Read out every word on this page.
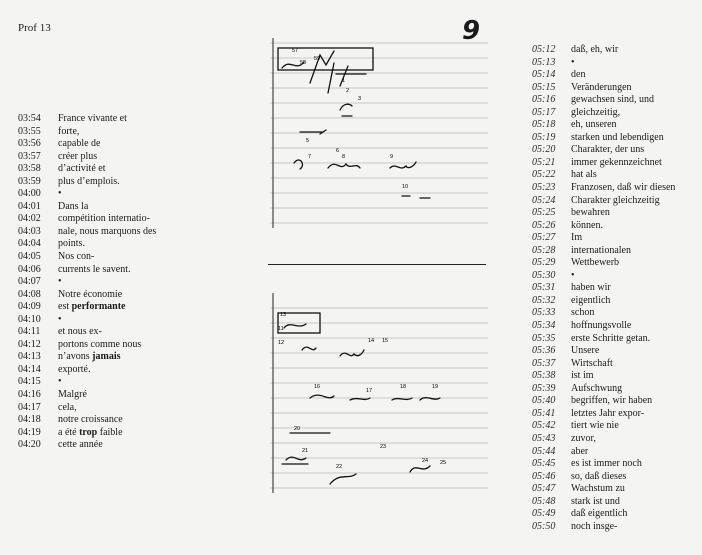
Prof 13	9
03:54	France vivante et
03:55	forte,
03:56	capable de
03:57	créer plus
03:58	d’activité et
03:59	plus d’emplois.
04:00	•
04:01	Dans la
04:02	compétition internatio-
04:03	nale, nous marquons des
04:04	points.
04:05	Nos con-
04:06	currents le savent.
04:07	•
04:08	Notre économie
04:09	est performante
04:10	•
04:11	et nous ex-
04:12	portons comme nous
04:13	n’avons jamais
04:14	exporté.
04:15	•
04:16	Malgré
04:17	cela,
04:18	notre croissance
04:19	a été trop faible
04:20	cette année
05:12	daß, eh, wir
05:13	•
05:14	den
05:15	Veränderungen
05:16	gewachsen sind, und
05:17	gleichzeitig,
05:18	eh, unseren
05:19	starken und lebendigen
05:20	Charakter, der uns
05:21	immer gekennzeichnet
05:22	hat als
05:23	Franzosen, daß wir diesen
05:24	Charakter gleichzeitig
05:25	bewahren
05:26	können.
05:27	Im
05:28	internationalen
05:29	Wettbewerb
05:30	•
05:31	haben wir
05:32	eigentlich
05:33	schon
05:34	hoffnungsvolle
05:35	erste Schritte getan.
05:36	Unsere
05:37	Wirtschaft
05:38	ist im
05:39	Aufschwung
05:40	begriffen, wir haben
05:41	letztes Jahr expor-
05:42	tiert wie nie
05:43	zuvor,
05:44	aber
05:45	es ist immer noch
05:46	so, daß dieses
05:47	Wachstum zu
05:48	stark ist und
05:49	daß eigentlich
05:50	noch insge-
57
58
59
1
2
3
5
6
7	8	9
10
11
12
13
14 15
16
17
18	19
20
21
22
23
24 25
